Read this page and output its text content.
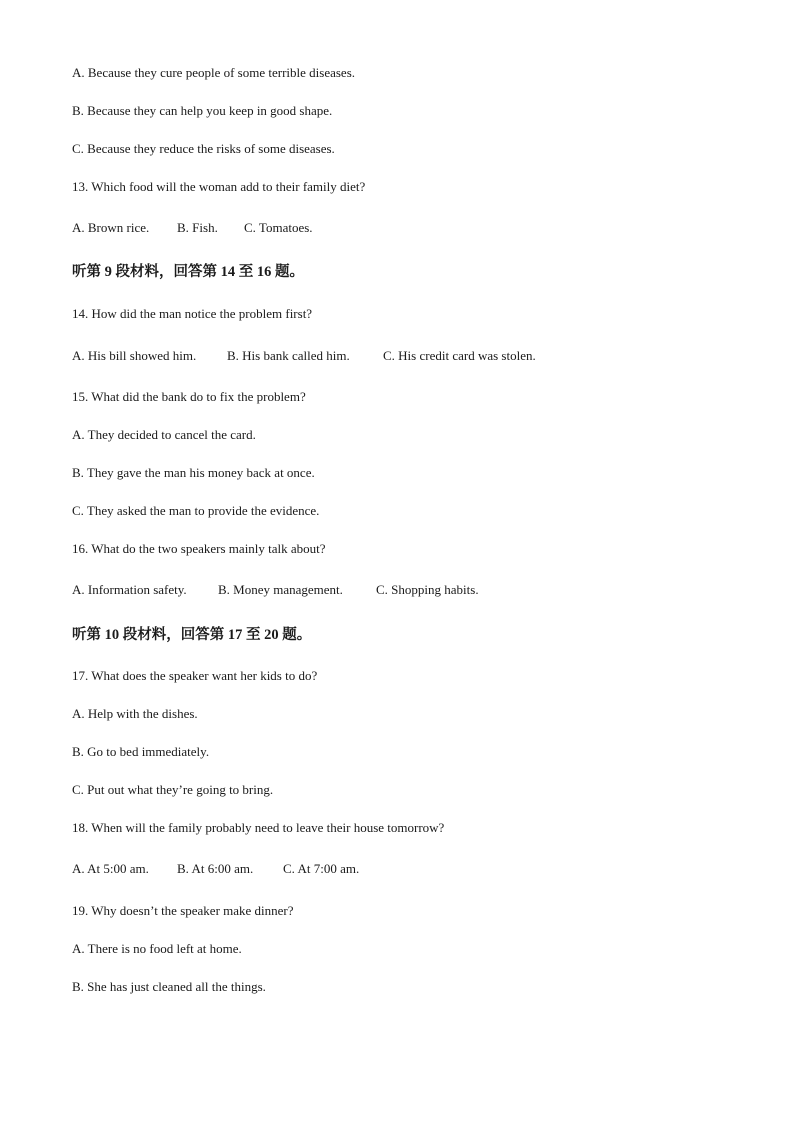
A. Because they cure people of some terrible diseases.
B. Because they can help you keep in good shape.
C. Because they reduce the risks of some diseases.
13. Which food will the woman add to their family diet?
A. Brown rice. B. Fish. C. Tomatoes.
听第 9 段材料，回答第 14 至 16 题。
14. How did the man notice the problem first?
A. His bill showed him. B. His bank called him.	C. His credit card was stolen.
15. What did the bank do to fix the problem?
A. They decided to cancel the card.
B. They gave the man his money back at once.
C. They asked the man to provide the evidence.
16. What do the two speakers mainly talk about?
A. Information safety. B. Money management.	C. Shopping habits.
听第 10 段材料，回答第 17 至 20 题。
17. What does the speaker want her kids to do?
A. Help with the dishes.
B. Go to bed immediately.
C. Put out what they’re going to bring.
18. When will the family probably need to leave their house tomorrow?
A. At 5:00 am. B. At 6:00 am. C. At 7:00 am.
19. Why doesn’t the speaker make dinner?
A. There is no food left at home.
B. She has just cleaned all the things.
